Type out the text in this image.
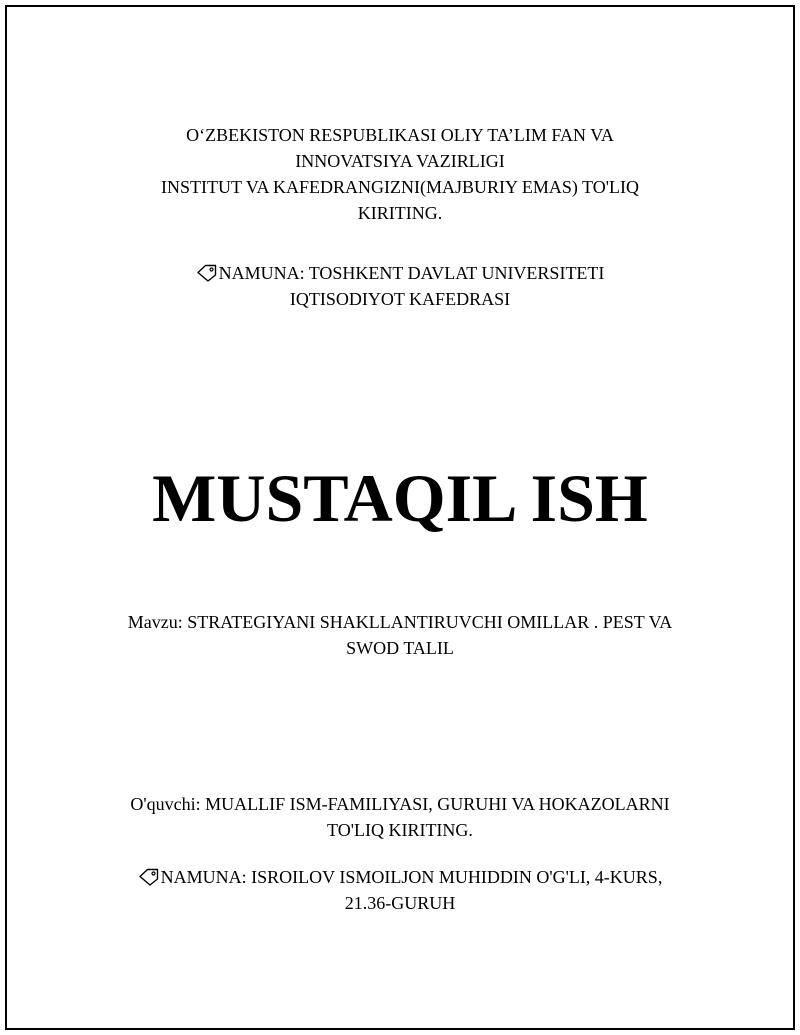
O‘ZBEKISTON RESPUBLIKASI OLIY TA’LIM FAN VA
INNOVATSIYA VAZIRLIGI
INSTITUT VA KAFEDRANGIZNI(MAJBURIY EMAS) TO'LIQ
KIRITING.
NAMUNA: TOSHKENT DAVLAT UNIVERSITETI
IQTISODIYOT KAFEDRASI
MUSTAQIL ISH
Mavzu: STRATEGIYANI SHAKLLANTIRUVCHI OMILLAR . PEST VA
SWOD TALIL
O'quvchi: MUALLIF ISM-FAMILIYASI, GURUHI VA HOKAZOLARNI
TO'LIQ KIRITING.
NAMUNA: ISROILOV ISMOILJON MUHIDDIN O'G'LI, 4-KURS,
21.36-GURUH
